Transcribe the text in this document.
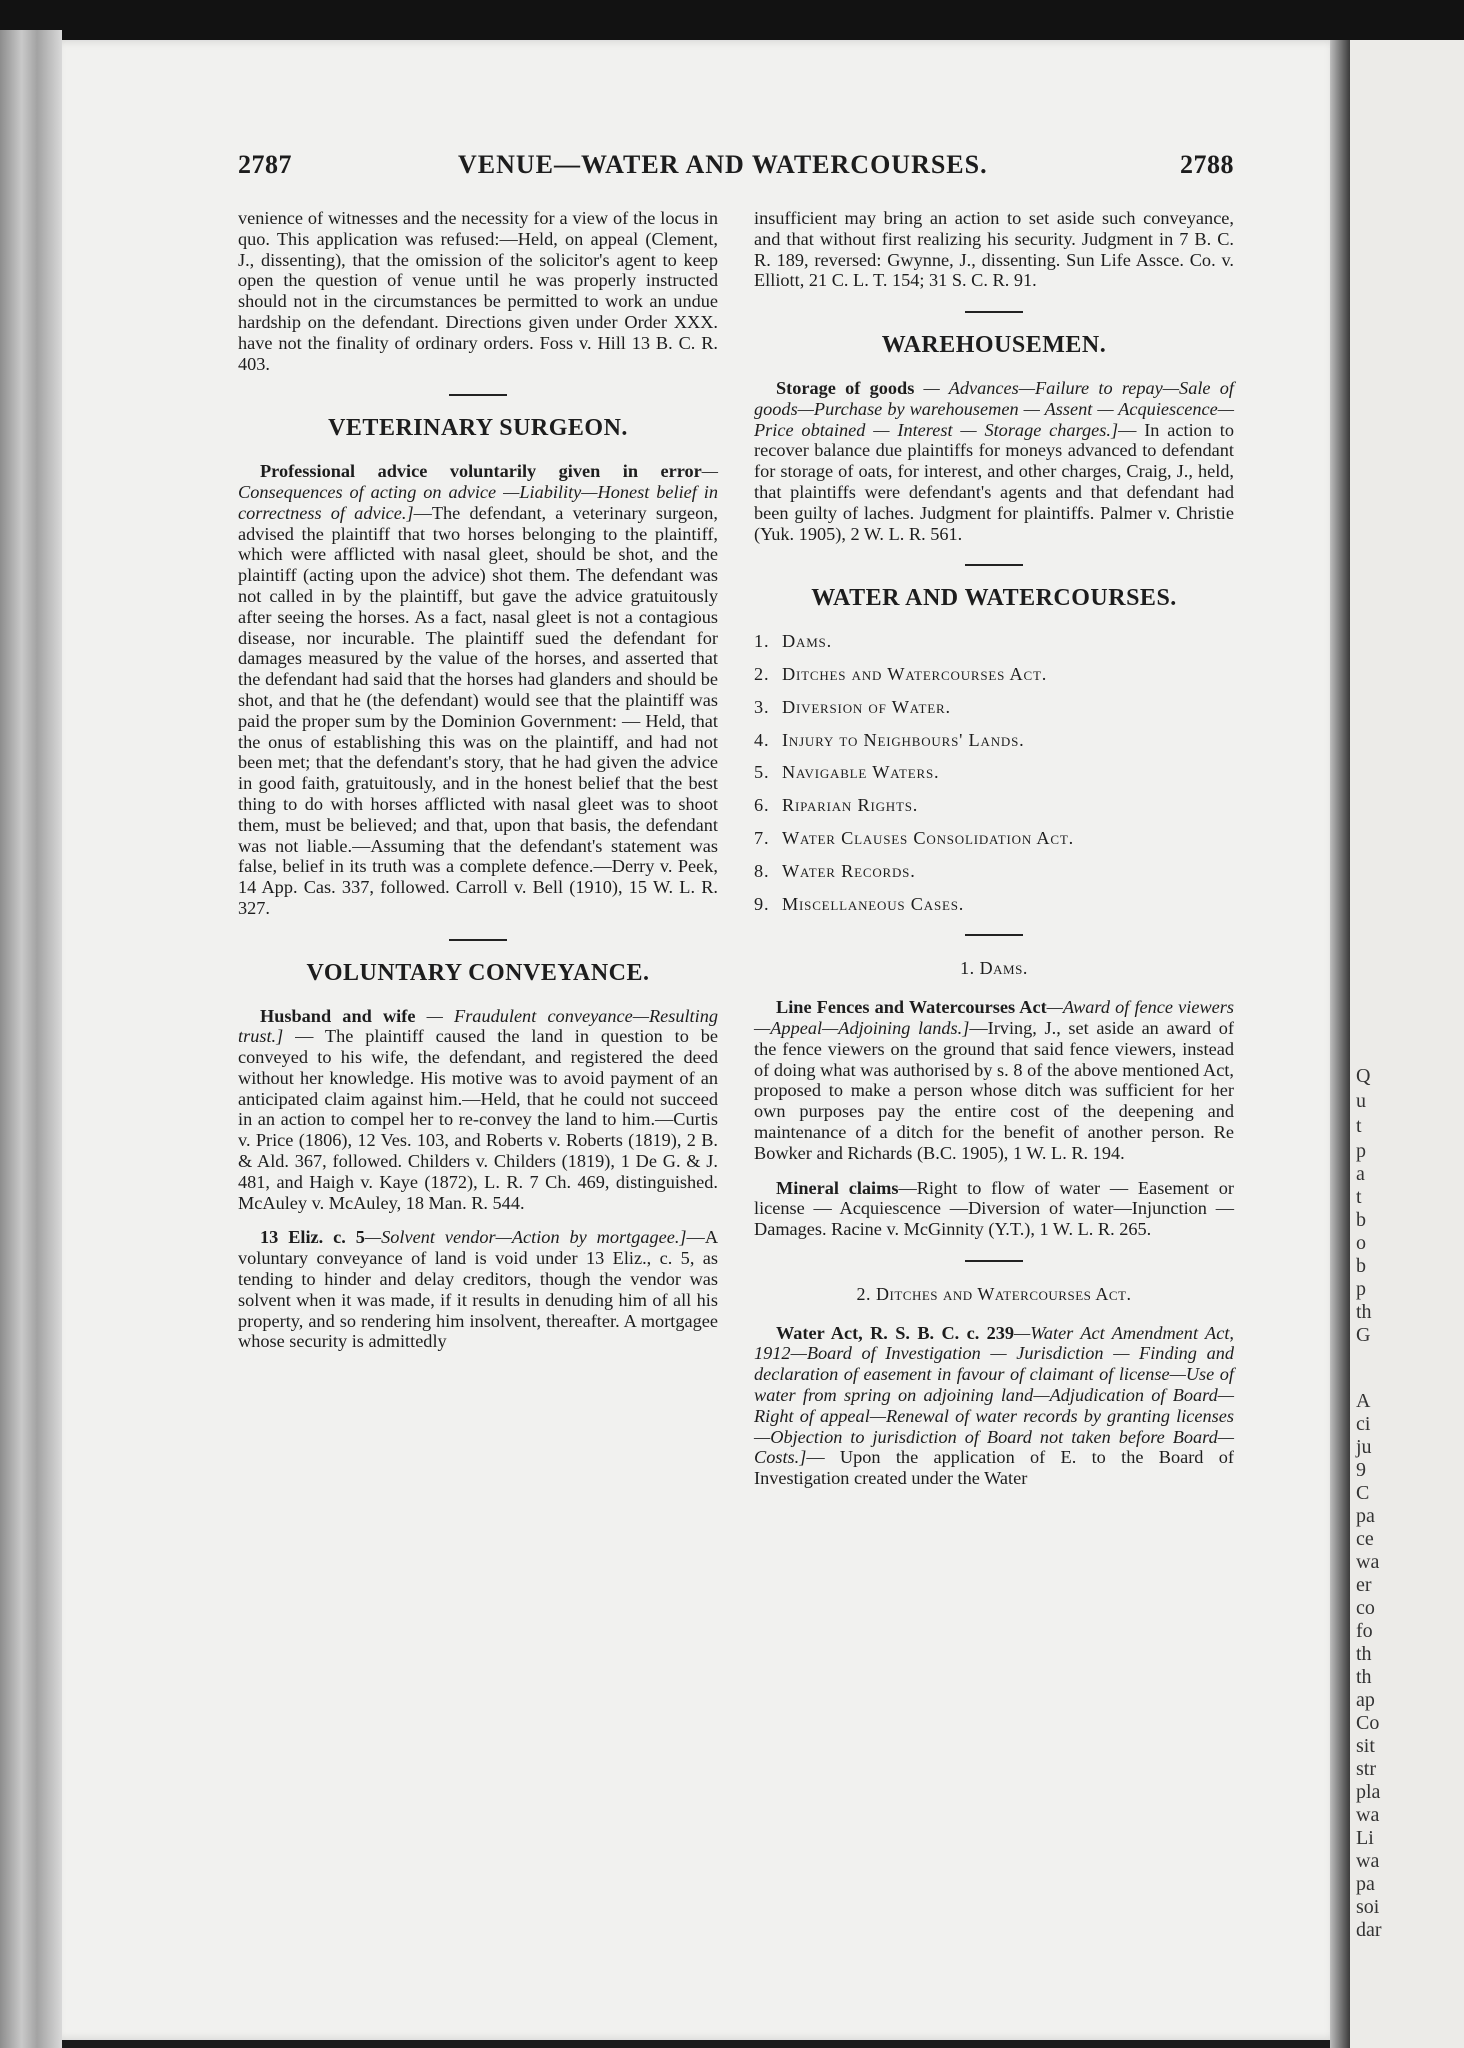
2787	VENUE—WATER AND WATERCOURSES.	2788

venience of witnesses and the necessity for a view of the locus in quo. This application was refused:—Held, on appeal (Clement, J., dissenting), that the omission of the solicitor's agent to keep open the question of venue until he was properly instructed should not in the circumstances be permitted to work an undue hardship on the defendant. Directions given under Order XXX. have not the finality of ordinary orders. Foss v. Hill 13 B. C. R. 403.

VETERINARY SURGEON.

Professional advice voluntarily given in error—Consequences of acting on advice —Liability—Honest belief in correctness of advice.]—The defendant, a veterinary surgeon, advised the plaintiff that two horses belonging to the plaintiff, which were afflicted with nasal gleet, should be shot, and the plaintiff (acting upon the advice) shot them. The defendant was not called in by the plaintiff, but gave the advice gratuitously after seeing the horses. As a fact, nasal gleet is not a contagious disease, nor incurable. The plaintiff sued the defendant for damages measured by the value of the horses, and asserted that the defendant had said that the horses had glanders and should be shot, and that he (the defendant) would see that the plaintiff was paid the proper sum by the Dominion Government: — Held, that the onus of establishing this was on the plaintiff, and had not been met; that the defendant's story, that he had given the advice in good faith, gratuitously, and in the honest belief that the best thing to do with horses afflicted with nasal gleet was to shoot them, must be believed; and that, upon that basis, the defendant was not liable.—Assuming that the defendant's statement was false, belief in its truth was a complete defence.—Derry v. Peek, 14 App. Cas. 337, followed. Carroll v. Bell (1910), 15 W. L. R. 327.

VOLUNTARY CONVEYANCE.

Husband and wife — Fraudulent conveyance—Resulting trust.] — The plaintiff caused the land in question to be conveyed to his wife, the defendant, and registered the deed without her knowledge. His motive was to avoid payment of an anticipated claim against him.—Held, that he could not succeed in an action to compel her to re-convey the land to him.—Curtis v. Price (1806), 12 Ves. 103, and Roberts v. Roberts (1819), 2 B. & Ald. 367, followed. Childers v. Childers (1819), 1 De G. & J. 481, and Haigh v. Kaye (1872), L. R. 7 Ch. 469, distinguished. McAuley v. McAuley, 18 Man. R. 544.

13 Eliz. c. 5—Solvent vendor—Action by mortgagee.]—A voluntary conveyance of land is void under 13 Eliz., c. 5, as tending to hinder and delay creditors, though the vendor was solvent when it was made, if it results in denuding him of all his property, and so rendering him insolvent, thereafter. A mortgagee whose security is admittedly

insufficient may bring an action to set aside such conveyance, and that without first realizing his security. Judgment in 7 B. C. R. 189, reversed: Gwynne, J., dissenting. Sun Life Assce. Co. v. Elliott, 21 C. L. T. 154; 31 S. C. R. 91.

WAREHOUSEMEN.

Storage of goods — Advances—Failure to repay—Sale of goods—Purchase by warehousemen — Assent — Acquiescence—Price obtained — Interest — Storage charges.]— In action to recover balance due plaintiffs for moneys advanced to defendant for storage of oats, for interest, and other charges, Craig, J., held, that plaintiffs were defendant's agents and that defendant had been guilty of laches. Judgment for plaintiffs. Palmer v. Christie (Yuk. 1905), 2 W. L. R. 561.

WATER AND WATERCOURSES.
1. Dams.
2. Ditches and Watercourses Act.
3. Diversion of Water.
4. Injury to Neighbours' Lands.
5. Navigable Waters.
6. Riparian Rights.
7. Water Clauses Consolidation Act.
8. Water Records.
9. Miscellaneous Cases.
1. Dams.

Line Fences and Watercourses Act—Award of fence viewers—Appeal—Adjoining lands.]—Irving, J., set aside an award of the fence viewers on the ground that said fence viewers, instead of doing what was authorised by s. 8 of the above mentioned Act, proposed to make a person whose ditch was sufficient for her own purposes pay the entire cost of the deepening and maintenance of a ditch for the benefit of another person. Re Bowker and Richards (B.C. 1905), 1 W. L. R. 194.

Mineral claims—Right to flow of water — Easement or license — Acquiescence —Diversion of water—Injunction — Damages. Racine v. McGinnity (Y.T.), 1 W. L. R. 265.

2. Ditches and Watercourses Act.

Water Act, R. S. B. C. c. 239—Water Act Amendment Act, 1912—Board of Investigation — Jurisdiction — Finding and declaration of easement in favour of claimant of license—Use of water from spring on adjoining land—Adjudication of Board—Right of appeal—Renewal of water records by granting licenses—Objection to jurisdiction of Board not taken before Board—Costs.]— Upon the application of E. to the Board of Investigation created under the Water

Q
u
t
p
a
t
b
o
b
p
th
G
A
ci
ju
9
C
pa
ce
wa
er
co
fo
th
th
ap
Co
sit
str
pla
wa
Li
wa
pa
soi
dar
